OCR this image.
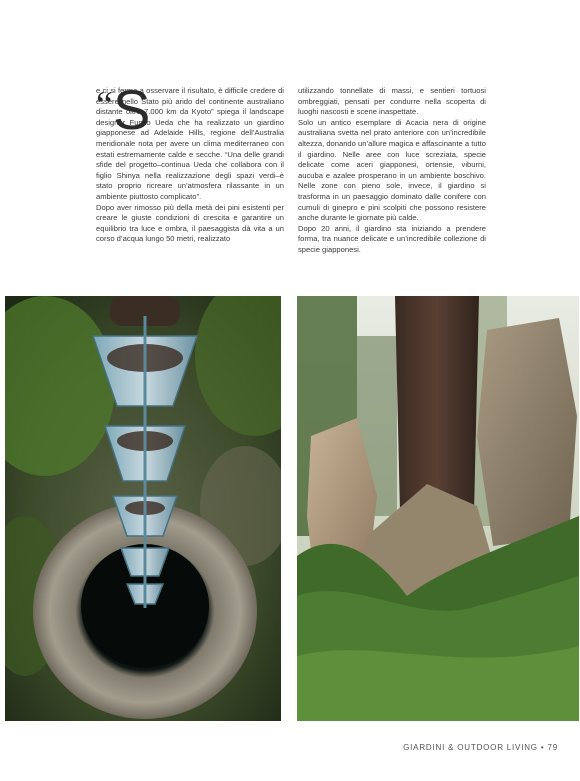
“ S

e ci si ferma a osservare il risultato, è difficile credere di essere nello Stato più arido del continente australiano distante oltre 7.000 km da Kyoto” spiega il landscape designer Fumio Ueda che ha realizzato un giardino giapponese ad Adelaide Hills, regione dell’Australia meridionale nota per avere un clima mediterraneo con estati estremamente calde e secche. “Una delle grandi sfide del progetto–continua Ueda che collabora con il figlio Shinya nella realizzazione degli spazi verdi–è stato proprio ricreare un’atmosfera rilassante in un ambiente piuttosto complicato”.

Dopo aver rimosso più della metà dei pini esistenti per creare le giuste condizioni di crescita e garantire un equilibrio tra luce e ombra, il paesaggista dà vita a un corso d’acqua lungo 50 metri, realizzato

utilizzando tonnellate di massi, e sentieri tortuosi ombreggiati, pensati per condurre nella scoperta di luoghi nascosti e scene inaspettate.

Solo un antico esemplare di Acacia nera di origine australiana svetta nel prato anteriore con un’incredibile altezza, donando un’allure magica e affascinante a tutto il giardino. Nelle aree con luce screziata, specie delicate come aceri giapponesi, ortensie, viburni, aucuba e azalee prosperano in un ambiente boschivo. Nelle zone con pieno sole, invece, il giardino si trasforma in un paesaggio dominato dalle conifere con cumuli di ginepro e pini scolpiti che possono resistere anche durante le giornate più calde.

Dopo 20 anni, il giardino sta iniziando a prendere forma, tra nuance delicate e un’incredibile collezione di specie giapponesi.

GIARDINI & OUTDOOR LIVING • 79
